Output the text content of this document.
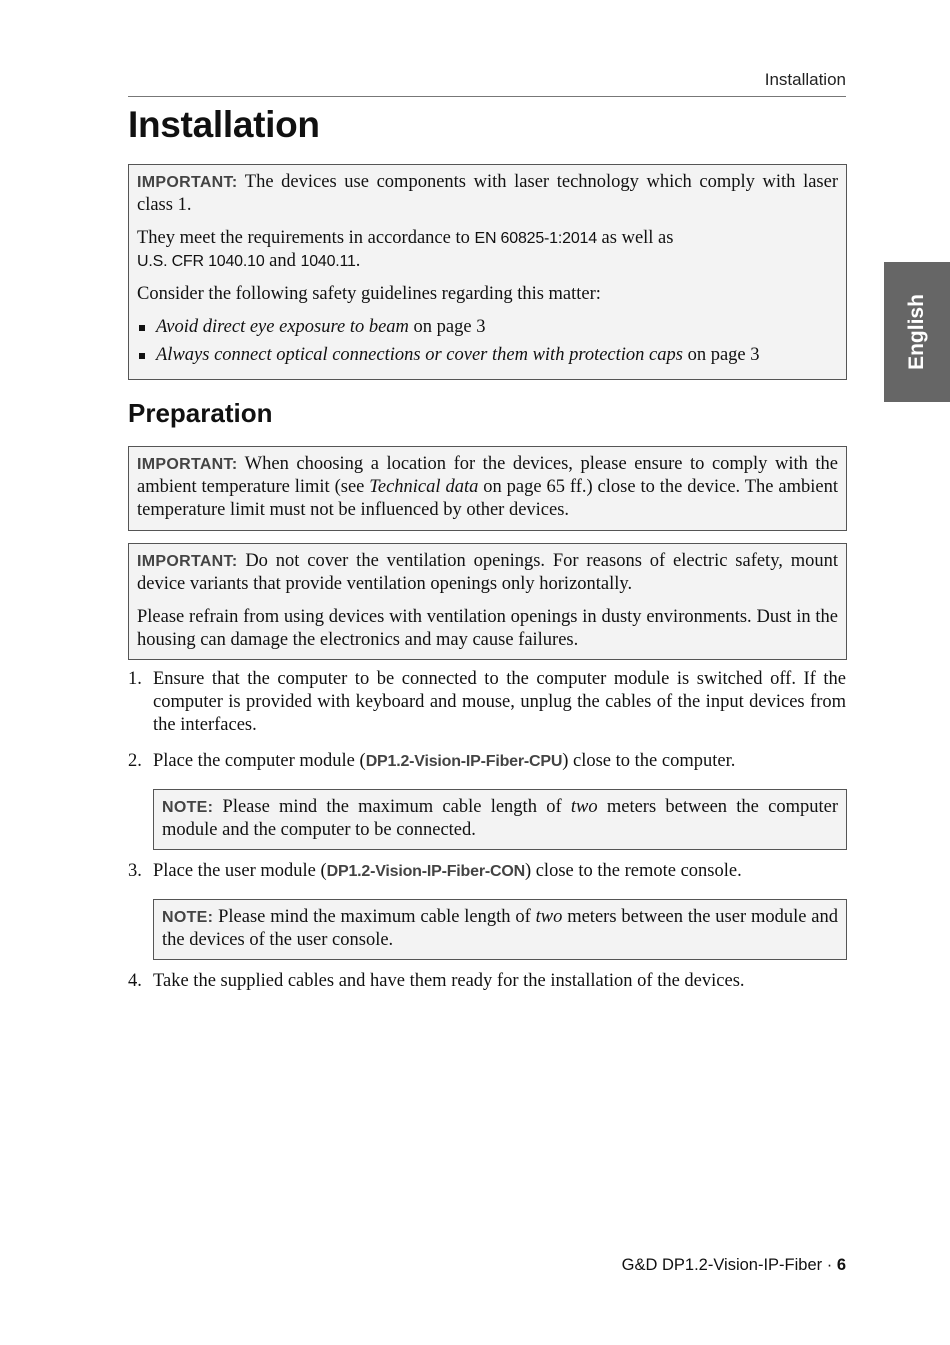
Installation
Installation
English

IMPORTANT: The devices use components with laser technology which comply with laser class 1.

They meet the requirements in accordance to EN 60825-1:2014 as well as
U.S. CFR 1040.10 and 1040.11.

Consider the following safety guidelines regarding this matter:

Avoid direct eye exposure to beam on page 3
Always connect optical connections or cover them with protection caps on page 3
Preparation

IMPORTANT: When choosing a location for the devices, please ensure to comply with the ambient temperature limit (see Technical data on page 65 ff.) close to the device. The ambient temperature limit must not be influenced by other devices.

IMPORTANT: Do not cover the ventilation openings. For reasons of electric safety, mount device variants that provide ventilation openings only horizontally.

Please refrain from using devices with ventilation openings in dusty environments. Dust in the housing can damage the electronics and may cause failures.

1. Ensure that the computer to be connected to the computer module is switched off. If the computer is provided with keyboard and mouse, unplug the cables of the input devices from the interfaces.
2. Place the computer module (DP1.2-Vision-IP-Fiber-CPU) close to the computer.

NOTE: Please mind the maximum cable length of two meters between the computer module and the computer to be connected.

3. Place the user module (DP1.2-Vision-IP-Fiber-CON) close to the remote console.

NOTE: Please mind the maximum cable length of two meters between the user module and the devices of the user console.

4. Take the supplied cables and have them ready for the installation of the devices.
G&D DP1.2-Vision-IP-Fiber · 6
